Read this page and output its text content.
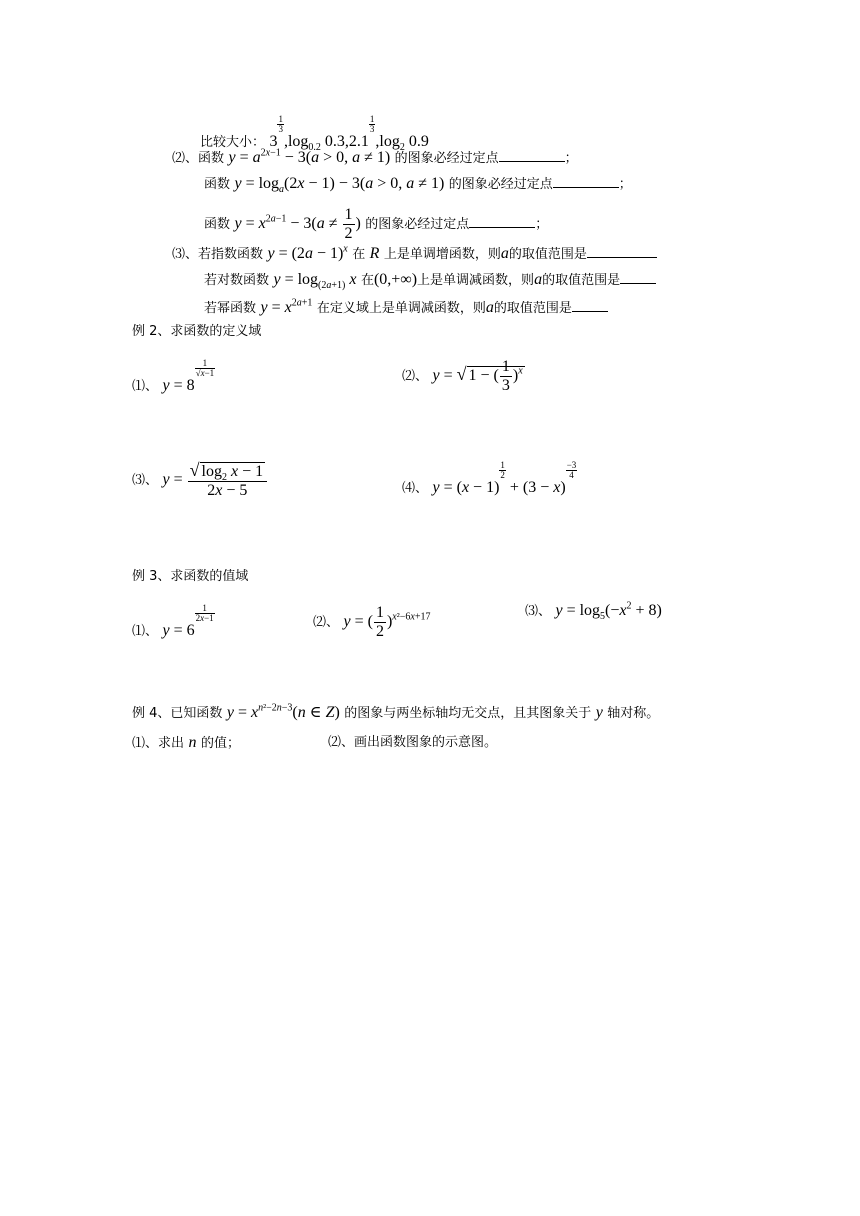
比较大小： 3
$\frac{1}{3}$
$,\log_{0.2}$ 0.3,2.1
$\frac{1}{3}$
$,\log_2$ 0.9
⑵、函数 $y = a^{2x-1} - 3(a > 0$, a ≠ 1) 的图象必经过定点	；
函数 $y = \log_a(2x - 1) - 3(a > 0$, a ≠ 1) 的图象必经过定点	；
函数 $y = x^{2a-1} - 3(a \ne \frac{1}{2}$ ) 的图象必经过定点	；
⑶、若指数函数 $y = (2a - 1)^x$ 在 R 上是单调增函数，则a的取值范围是
若对数函数 $y = \log_{(2a+1)} x$ 在(0,+∞)上是单调减函数，则a的取值范围是
若幂函数 $y = x^{2a+1}$ 在定义域上是单调减函数，则a的取值范围是
例 2、求函数的定义域
⑴、 y = 8
$\frac{1}{√x-1}$	⑵、 y = √ 1 − ( $\frac{1}{3} )^x$
⑶、 $y = \frac{√ \log_2 x - 1}{2x - 5}$	⑷、 y = (x − 1)
$\frac{1}{2}$
+ (3 − x)
$\frac{-3}{4}$
例 3、求函数的值域
⑴、 y = 6
$\frac{1}{2x-1}$	⑵、 y = ( $\frac{1}{2} )^{x^2-6x+17}$	⑶、 $y = \log_5(-x^2 + 8)$
例 4、已知函数 $y = x^{n^2-2n-3}(n$ ∈ Z) 的图象与两坐标轴均无交点，且其图象关于 y 轴对称。
⑴、求出 n 的值；	⑵、画出函数图象的示意图。
